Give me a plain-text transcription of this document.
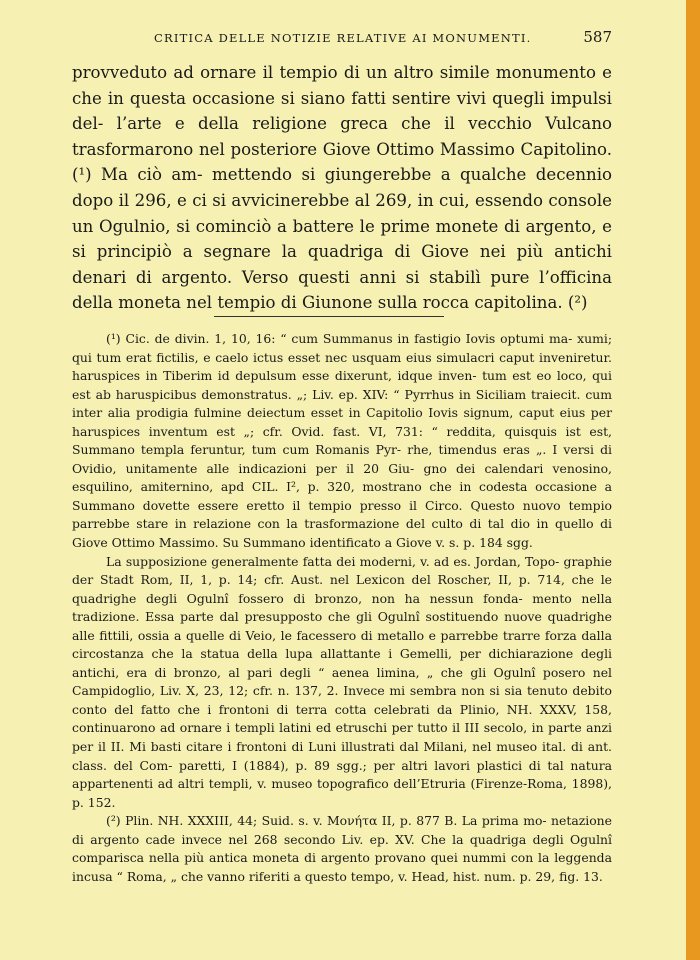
CRITICA DELLE NOTIZIE RELATIVE AI MONUMENTI.	587

provveduto ad ornare il tempio di un altro simile monumento e che in questa occasione si siano fatti sentire vivi quegli impulsi del- l’arte e della religione greca che il vecchio Vulcano trasformarono nel posteriore Giove Ottimo Massimo Capitolino. (¹) Ma ciò am- mettendo si giungerebbe a qualche decennio dopo il 296, e ci si avvicinerebbe al 269, in cui, essendo console un Ogulnio, si cominciò a battere le prime monete di argento, e si principiò a segnare la quadriga di Giove nei più antichi denari di argento. Verso questi anni si stabilì pure l’officina della moneta nel tempio di Giunone sulla rocca capitolina. (²)

(¹) Cic. de divin. 1, 10, 16: “ cum Summanus in fastigio Iovis optumi ma- xumi; qui tum erat fictilis, e caelo ictus esset nec usquam eius simulacri caput inveniretur. haruspices in Tiberim id depulsum esse dixerunt, idque inven- tum est eo loco, qui est ab haruspicibus demonstratus. „; Liv. ep. XIV: “ Pyrrhus in Siciliam traiecit. cum inter alia prodigia fulmine deiectum esset in Capitolio Iovis signum, caput eius per haruspices inventum est „; cfr. Ovid. fast. VI, 731: “ reddita, quisquis ist est, Summano templa feruntur, tum cum Romanis Pyr- rhe, timendus eras „. I versi di Ovidio, unitamente alle indicazioni per il 20 Giu- gno dei calendari venosino, esquilino, amiternino, apd CIL. I², p. 320, mostrano che in codesta occasione a Summano dovette essere eretto il tempio presso il Circo. Questo nuovo tempio parrebbe stare in relazione con la trasformazione del culto di tal dio in quello di Giove Ottimo Massimo. Su Summano identificato a Giove v. s. p. 184 sgg.

La supposizione generalmente fatta dei moderni, v. ad es. Jordan, Topo- graphie der Stadt Rom, II, 1, p. 14; cfr. Aust. nel Lexicon del Roscher, II, p. 714, che le quadrighe degli Ogulnî fossero di bronzo, non ha nessun fonda- mento nella tradizione. Essa parte dal presupposto che gli Ogulnî sostituendo nuove quadrighe alle fittili, ossia a quelle di Veio, le facessero di metallo e parrebbe trarre forza dalla circostanza che la statua della lupa allattante i Gemelli, per dichiarazione degli antichi, era di bronzo, al pari degli “ aenea limina, „ che gli Ogulnî posero nel Campidoglio, Liv. X, 23, 12; cfr. n. 137, 2. Invece mi sembra non si sia tenuto debito conto del fatto che i frontoni di terra cotta celebrati da Plinio, NH. XXXV, 158, continuarono ad ornare i templi latini ed etruschi per tutto il III secolo, in parte anzi per il II. Mi basti citare i frontoni di Luni illustrati dal Milani, nel museo ital. di ant. class. del Com- paretti, I (1884), p. 89 sgg.; per altri lavori plastici di tal natura appartenenti ad altri templi, v. museo topografico dell’Etruria (Firenze-Roma, 1898), p. 152.

(²) Plin. NH. XXXIII, 44; Suid. s. v. Μονήτα II, p. 877 B. La prima mo- netazione di argento cade invece nel 268 secondo Liv. ep. XV. Che la quadriga degli Ogulnî comparisca nella più antica moneta di argento provano quei nummi con la leggenda incusa “ Roma, „ che vanno riferiti a questo tempo, v. Head, hist. num. p. 29, fig. 13.
